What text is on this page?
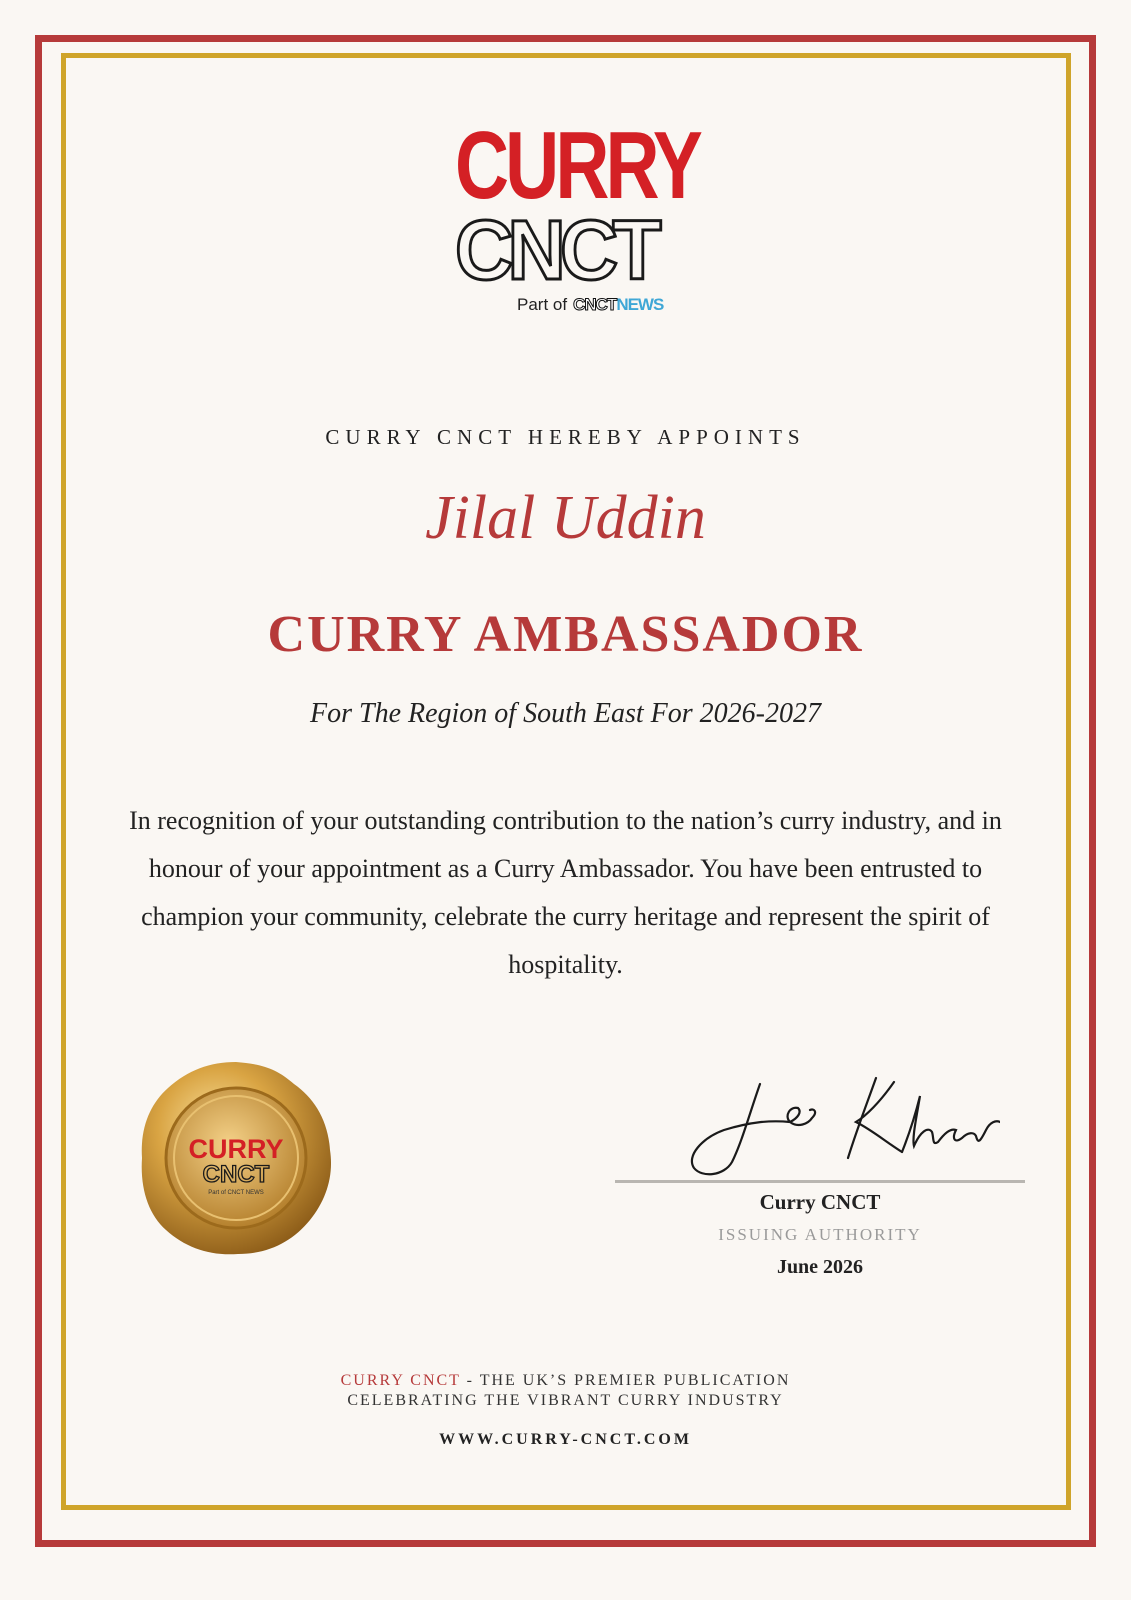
CURRY
CNCT
Part of CNCTNEWS
CURRY CNCT HEREBY APPOINTS
Jilal Uddin
CURRY AMBASSADOR
For The Region of South East For 2026-2027
In recognition of your outstanding contribution to the nation’s curry industry, and in honour of your appointment as a Curry Ambassador. You have been entrusted to champion your community, celebrate the curry heritage and represent the spirit of hospitality.
CURRY
CNCT
Part of CNCT NEWS	Curry CNCT
ISSUING AUTHORITY
June 2026
CURRY CNCT - THE UK’S PREMIER PUBLICATION
CELEBRATING THE VIBRANT CURRY INDUSTRY
WWW.CURRY-CNCT.COM
